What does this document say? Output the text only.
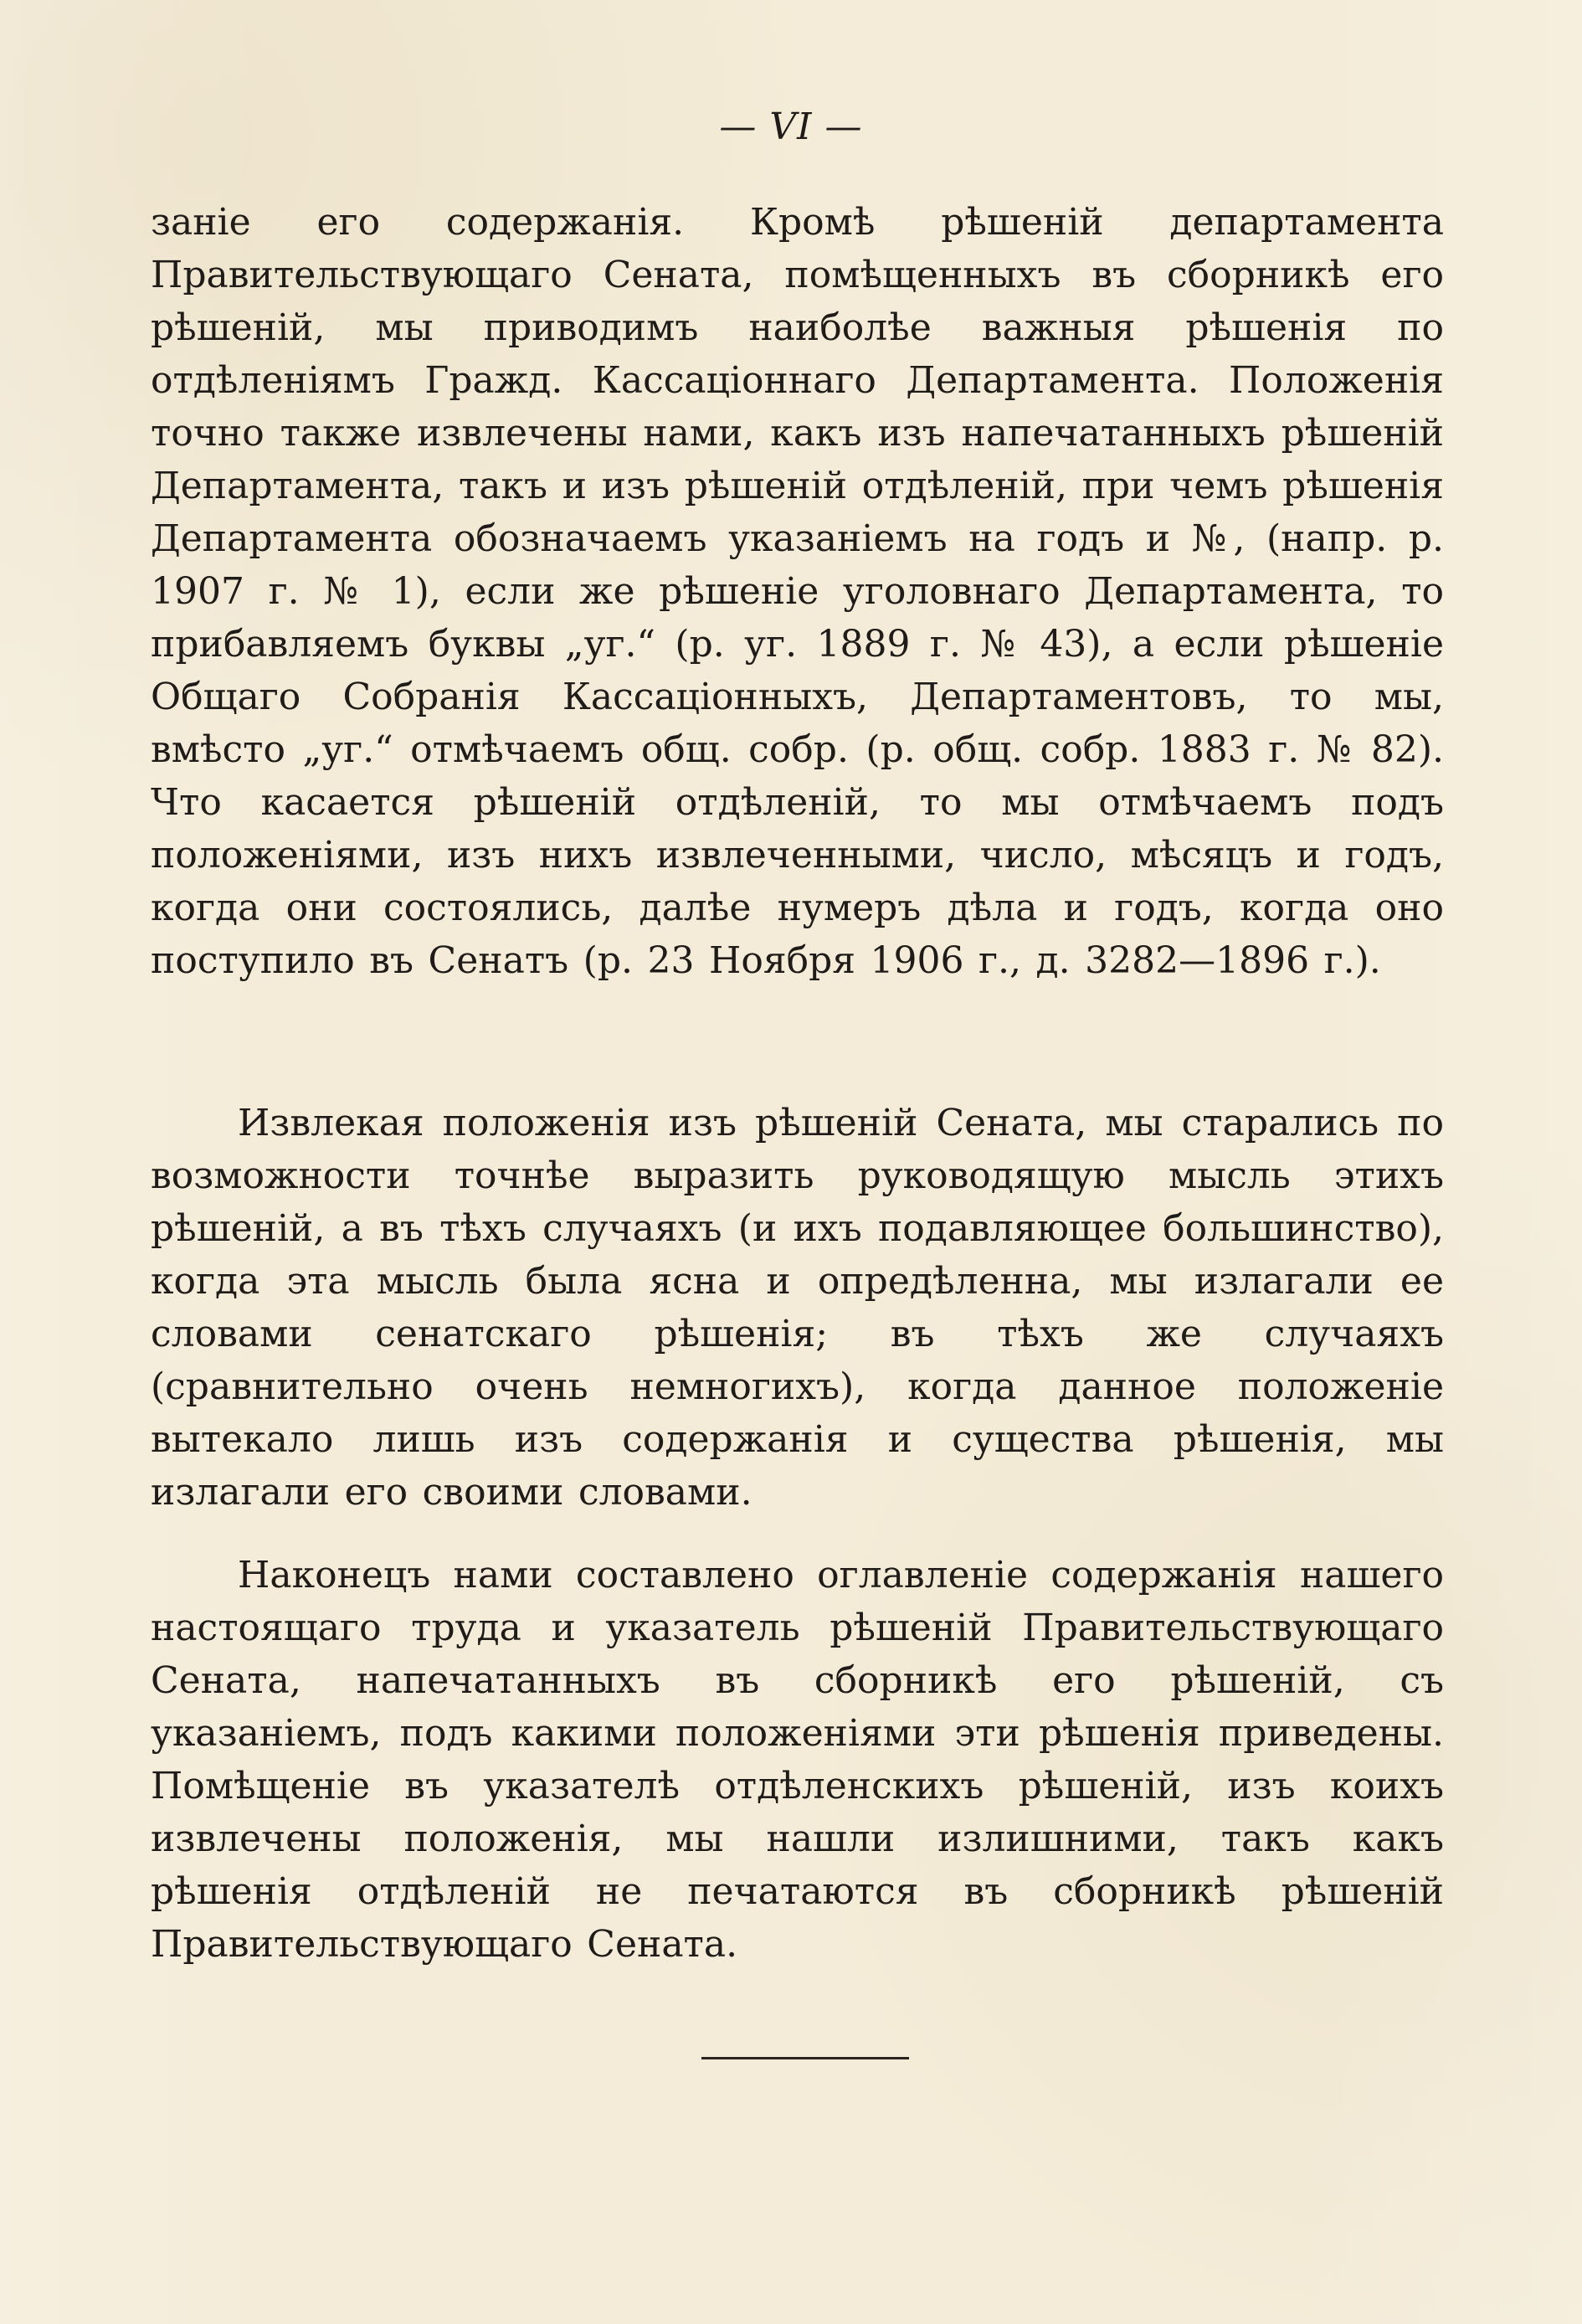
— VI —

заніе его содержанія. Кромѣ рѣшеній департамента Правительствующаго Сената, помѣщенныхъ въ сборникѣ его рѣшеній, мы приводимъ наиболѣе важныя рѣшенія по отдѣленіямъ Гражд. Кассаціоннаго Департамента. Положенія точно также извлечены нами, какъ изъ напечатанныхъ рѣшеній Департамента, такъ и изъ рѣшеній отдѣленій, при чемъ рѣшенія Департамента обозначаемъ указаніемъ на годъ и №, (напр. р. 1907 г. № 1), если же рѣшеніе уголовнаго Департамента, то прибавляемъ буквы „уг.“ (р. уг. 1889 г. № 43), а если рѣшеніе Общаго Собранія Кассаціонныхъ, Департаментовъ, то мы, вмѣсто „уг.“ отмѣчаемъ общ. собр. (р. общ. собр. 1883 г. № 82). Что касается рѣшеній отдѣленій, то мы отмѣчаемъ подъ положеніями, изъ нихъ извлеченными, число, мѣсяцъ и годъ, когда они состоялись, далѣе нумеръ дѣла и годъ, когда оно поступило въ Сенатъ (р. 23 Ноября 1906 г., д. 3282—1896 г.).

Извлекая положенія изъ рѣшеній Сената, мы старались по возможности точнѣе выразить руководящую мысль этихъ рѣшеній, а въ тѣхъ случаяхъ (и ихъ подавляющее большинство), когда эта мысль была ясна и опредѣленна, мы излагали ее словами сенатскаго рѣшенія; въ тѣхъ же случаяхъ (сравнительно очень немногихъ), когда данное положеніе вытекало лишь изъ содержанія и существа рѣшенія, мы излагали его своими словами.

Наконецъ нами составлено оглавленіе содержанія нашего настоящаго труда и указатель рѣшеній Правительствующаго Сената, напечатанныхъ въ сборникѣ его рѣшеній, съ указаніемъ, подъ какими положеніями эти рѣшенія приведены. Помѣщеніе въ указателѣ отдѣленскихъ рѣшеній, изъ коихъ извлечены положенія, мы нашли излишними, такъ какъ рѣшенія отдѣленій не печатаются въ сборникѣ рѣшеній Правительствующаго Сената.
